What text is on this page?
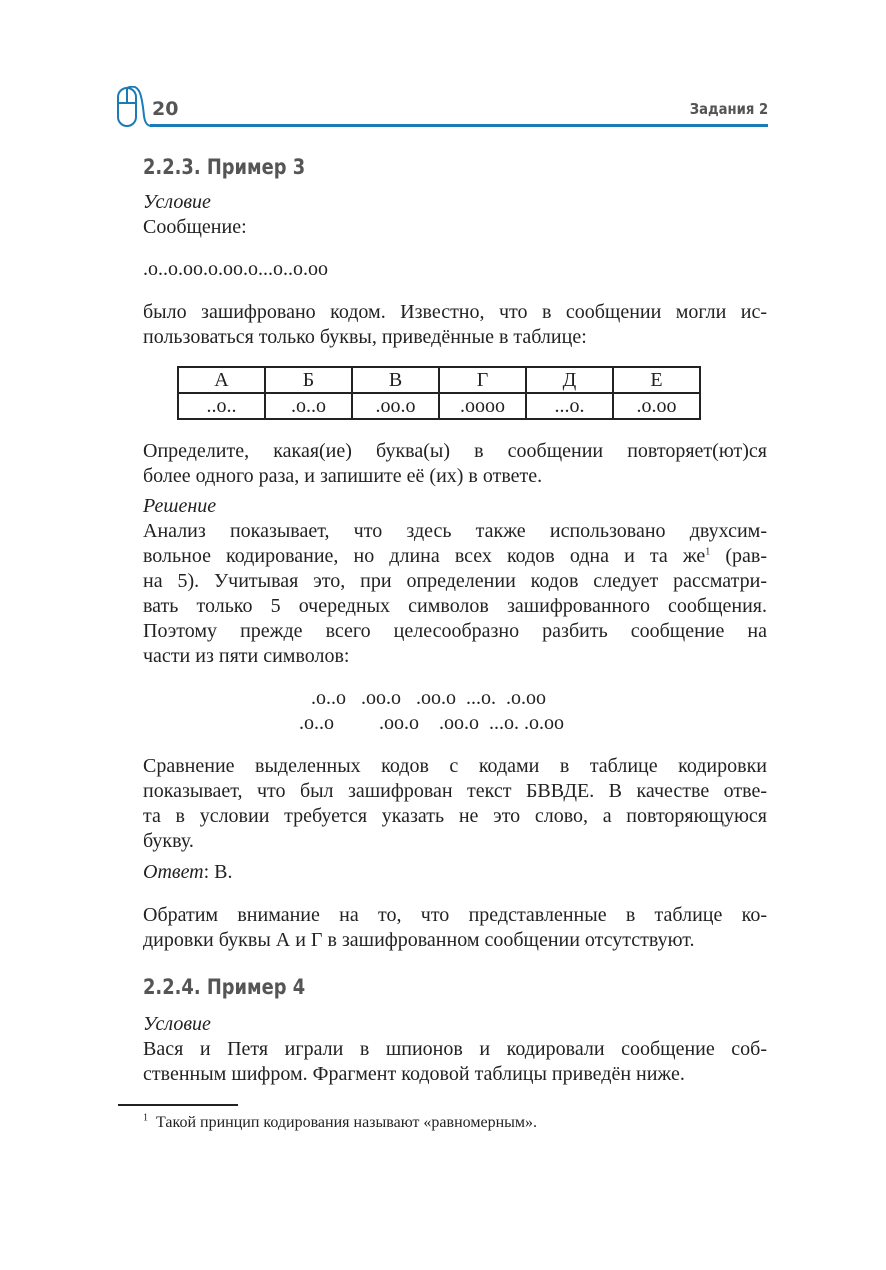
20	Задания 2
2.2.3. Пример 3
Условие
Сообщение:
.o..o.oo.o.oo.o...o..o.oo
было зашифровано кодом. Известно, что в сообщении могли ис-
пользоваться только буквы, приведённые в таблице:
А	Б	В	Г	Д	Е
..o..	.o..o	.oo.o	.oooo	...o.	.o.oo
Определите, какая(ие) буква(ы) в сообщении повторяет(ют)ся
более одного раза, и запишите её (их) в ответе.
Решение
Анализ показывает, что здесь также использовано двухсим-
вольное кодирование, но длина всех кодов одна и та $же^1$ (рав-
на 5). Учитывая это, при определении кодов следует рассматри-
вать только 5 очередных символов зашифрованного сообщения.
Поэтому прежде всего целесообразно разбить сообщение на
части из пяти символов:
.o..o   .oo.o   .oo.o  ...o.  .o.oo
.o..o         .oo.o    .oo.o  ...o. .o.oo
Сравнение выделенных кодов с кодами в таблице кодировки
показывает, что был зашифрован текст БВВДЕ. В качестве отве-
та в условии требуется указать не это слово, а повторяющуюся
букву.
Ответ: В.
Обратим внимание на то, что представленные в таблице ко-
дировки буквы А и Г в зашифрованном сообщении отсутствуют.
2.2.4. Пример 4
Условие
Вася и Петя играли в шпионов и кодировали сообщение соб-
ственным шифром. Фрагмент кодовой таблицы приведён ниже.
$^1$ Такой принцип кодирования называют «равномерным».
